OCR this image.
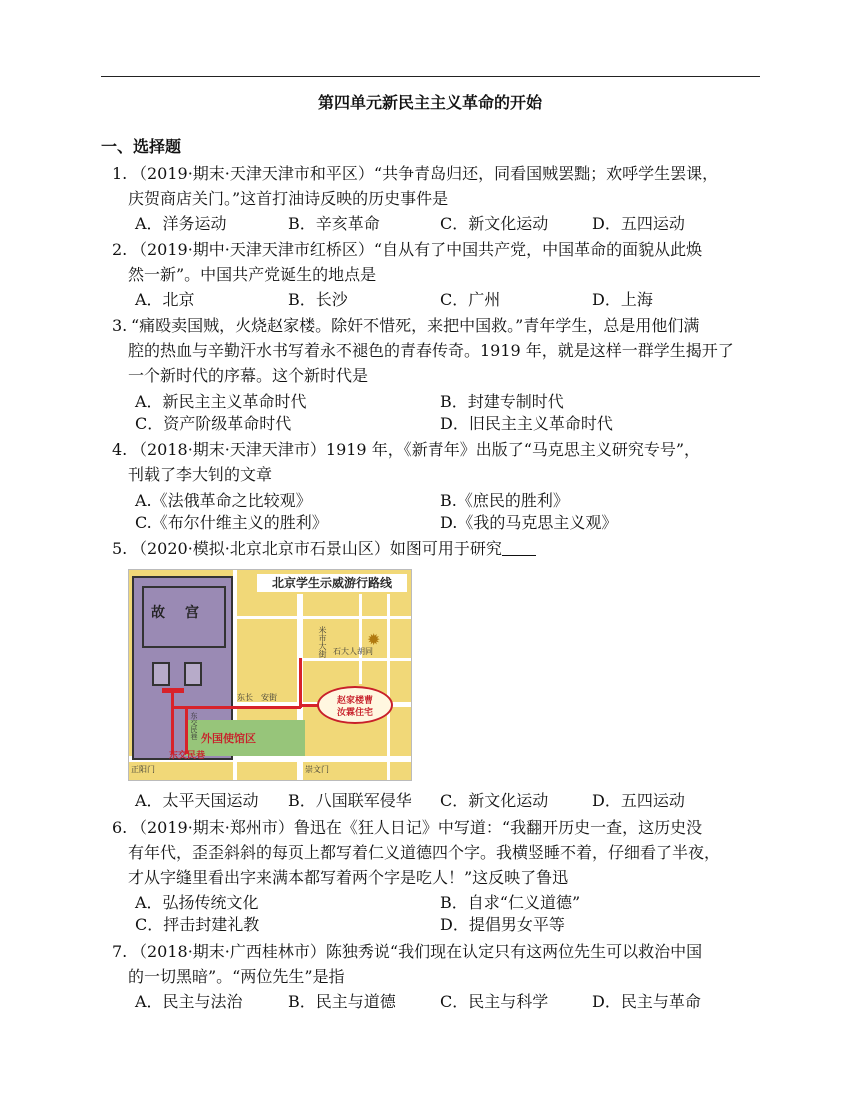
第四单元新民主主义革命的开始
一、选择题
1. （2019·期末·天津天津市和平区）“共争青岛归还，同看国贼罢黜；欢呼学生罢课，
庆贺商店关门。”这首打油诗反映的历史事件是
A．洋务运动	B．辛亥革命	C．新文化运动	D．五四运动
2. （2019·期中·天津天津市红桥区）“自从有了中国共产党，中国革命的面貌从此焕
然一新”。中国共产党诞生的地点是
A．北京	B．长沙	C．广州	D．上海
3. “痛殴卖国贼，火烧赵家楼。除奸不惜死，来把中国救。”青年学生，总是用他们满
腔的热血与辛勤汗水书写着永不褪色的青春传奇。1919 年，就是这样一群学生揭开了
一个新时代的序幕。这个新时代是
A．新民主主义革命时代	B．封建专制时代
C．资产阶级革命时代	D．旧民主主义革命时代
4. （2018·期末·天津天津市）1919 年，《新青年》出版了“马克思主义研究专号”，
刊载了李大钊的文章
A.《法俄革命之比较观》	B.《庶民的胜利》
C.《布尔什维主义的胜利》	D.《我的马克思主义观》
5. （2020·模拟·北京北京市石景山区）如图可用于研究
故 宫
北京学生示威游行路线
米市大街 石大人胡同
✹
赵家楼曹
汝霖住宅
东长 安街
东交民巷 外国使馆区
东交民巷
正阳门	崇文门
A．太平天国运动 B．八国联军侵华 C．新文化运动	D．五四运动
6. （2019·期末·郑州市）鲁迅在《狂人日记》中写道：“我翻开历史一查，这历史没
有年代，歪歪斜斜的每页上都写着仁义道德四个字。我横竖睡不着，仔细看了半夜，
才从字缝里看出字来满本都写着两个字是吃人！”这反映了鲁迅
A．弘扬传统文化	B．自求“仁义道德”
C．抨击封建礼教	D．提倡男女平等
7. （2018·期末·广西桂林市）陈独秀说“我们现在认定只有这两位先生可以救治中国
的一切黑暗”。“两位先生”是指
A．民主与法治	B．民主与道德	C．民主与科学	D．民主与革命
